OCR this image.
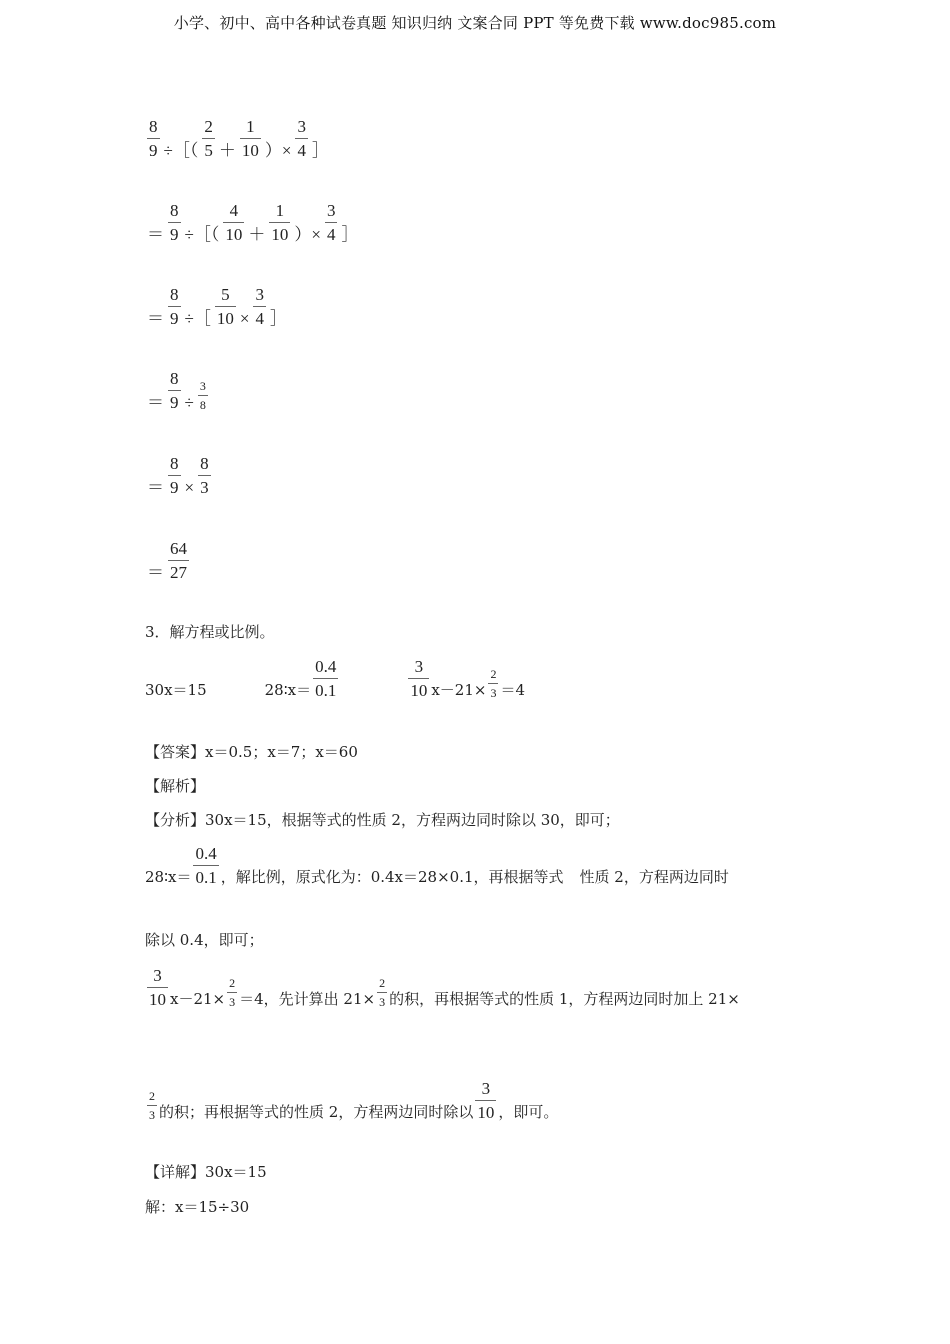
小学、初中、高中各种试卷真题 知识归纳 文案合同 PPT 等免费下载 www.doc985.com
$\frac{8}{9}$ ÷［（ $\frac{2}{5} + \frac{1}{10}$ ）× $\frac{3}{4}$ ］
＝ $\frac{8}{9}$ ÷［（ $\frac{4}{10} + \frac{1}{10}$ ）× $\frac{3}{4}$ ］
＝ $\frac{8}{9}$ ÷［ $\frac{5}{10} \times \frac{3}{4}$ ］
＝ $\frac{8}{9} \div \frac{3}{8}$
＝ $\frac{8}{9} \times \frac{8}{3}$
＝ $\frac{64}{27}$
3．解方程或比例。
30x＝15	28∶x＝ $\frac{0.4}{0.1}$	$\frac{3}{10} x-21\times \frac{2}{3} =4$
【答案】x＝0.5；x＝7；x＝60
【解析】
【分析】30x＝15，根据等式的性质 2，方程两边同时除以 30，即可；
28∶x＝ $\frac{0.4}{0.1}$ ，解比例，原式化为：0.4x＝28×0.1，再根据等式 性质 2，方程两边同时
除以 0.4，即可；
$\frac{3}{10} x-21\times \frac{2}{3} =4$，先计算出 $21\times \frac{2}{3}$ 的积，再根据等式的性质 1，方程两边同时加上 21×
$\frac{2}{3}$ 的积；再根据等式的性质 2，方程两边同时除以 $\frac{3}{10}$ ，即可。
【详解】30x＝15
解：x＝15÷30
